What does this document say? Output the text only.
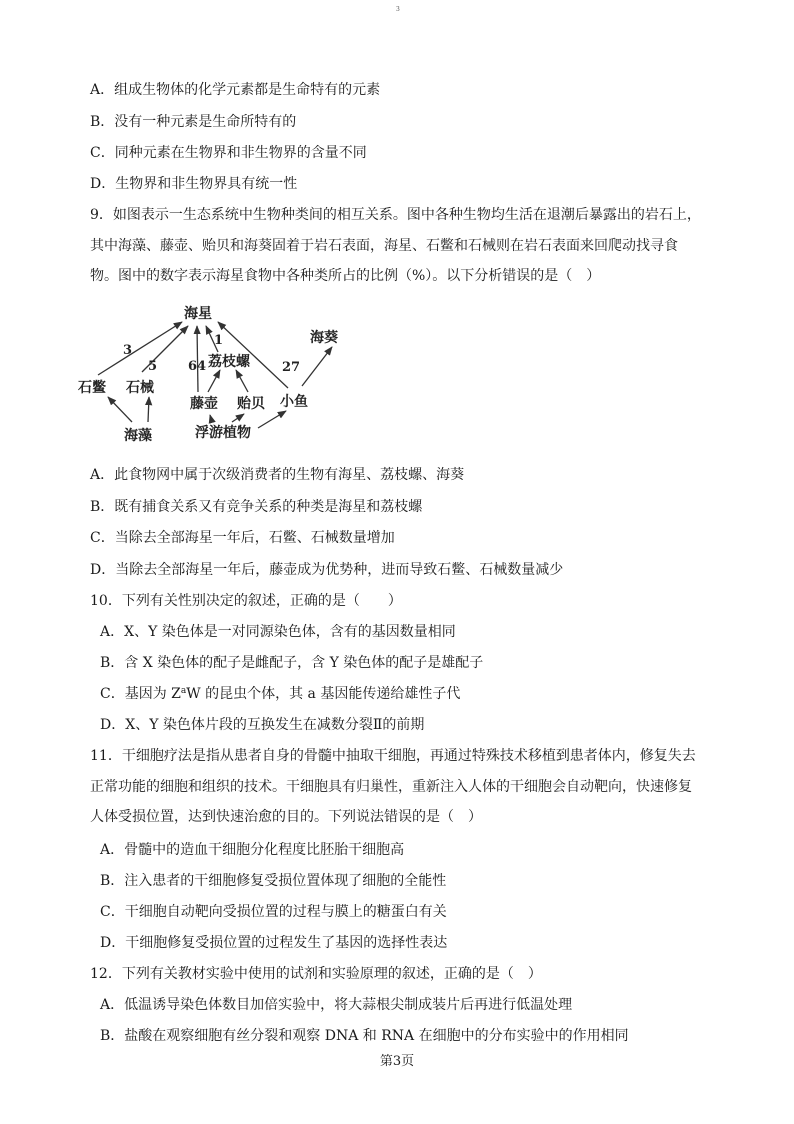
3
A．组成生物体的化学元素都是生命特有的元素
B．没有一种元素是生命所特有的
C．同种元素在生物界和非生物界的含量不同
D．生物界和非生物界具有统一性
9．如图表示一生态系统中生物种类间的相互关系。图中各种生物均生活在退潮后暴露出的岩石上，其中海藻、藤壶、贻贝和海葵固着于岩石表面，海星、石鳖和石械则在岩石表面来回爬动找寻食物。图中的数字表示海星食物中各种类所占的比例（%）。以下分析错误的是（　）
海星
海葵
石鳖 石械
荔枝螺
藤壶 贻贝 小鱼
海藻	浮游植物
3
5 64
1
27
A．此食物网中属于次级消费者的生物有海星、荔枝螺、海葵
B．既有捕食关系又有竞争关系的种类是海星和荔枝螺
C．当除去全部海星一年后，石鳖、石械数量增加
D．当除去全部海星一年后，藤壶成为优势种，进而导致石鳖、石械数量减少
10．下列有关性别决定的叙述，正确的是（　　）
A．X、Y 染色体是一对同源染色体，含有的基因数量相同
B．含 X 染色体的配子是雌配子，含 Y 染色体的配子是雄配子
C．基因为 $Z^aW$ 的昆虫个体，其 a 基因能传递给雄性子代
D．X、Y 染色体片段的互换发生在减数分裂Ⅱ的前期
11．干细胞疗法是指从患者自身的骨髓中抽取干细胞，再通过特殊技术移植到患者体内，修复失去正常功能的细胞和组织的技术。干细胞具有归巢性，重新注入人体的干细胞会自动靶向，快速修复人体受损位置，达到快速治愈的目的。下列说法错误的是（　）
A．骨髓中的造血干细胞分化程度比胚胎干细胞高
B．注入患者的干细胞修复受损位置体现了细胞的全能性
C．干细胞自动靶向受损位置的过程与膜上的糖蛋白有关
D．干细胞修复受损位置的过程发生了基因的选择性表达
12．下列有关教材实验中使用的试剂和实验原理的叙述，正确的是（　）
A．低温诱导染色体数目加倍实验中，将大蒜根尖制成装片后再进行低温处理
B．盐酸在观察细胞有丝分裂和观察 DNA 和 RNA 在细胞中的分布实验中的作用相同
第3页
